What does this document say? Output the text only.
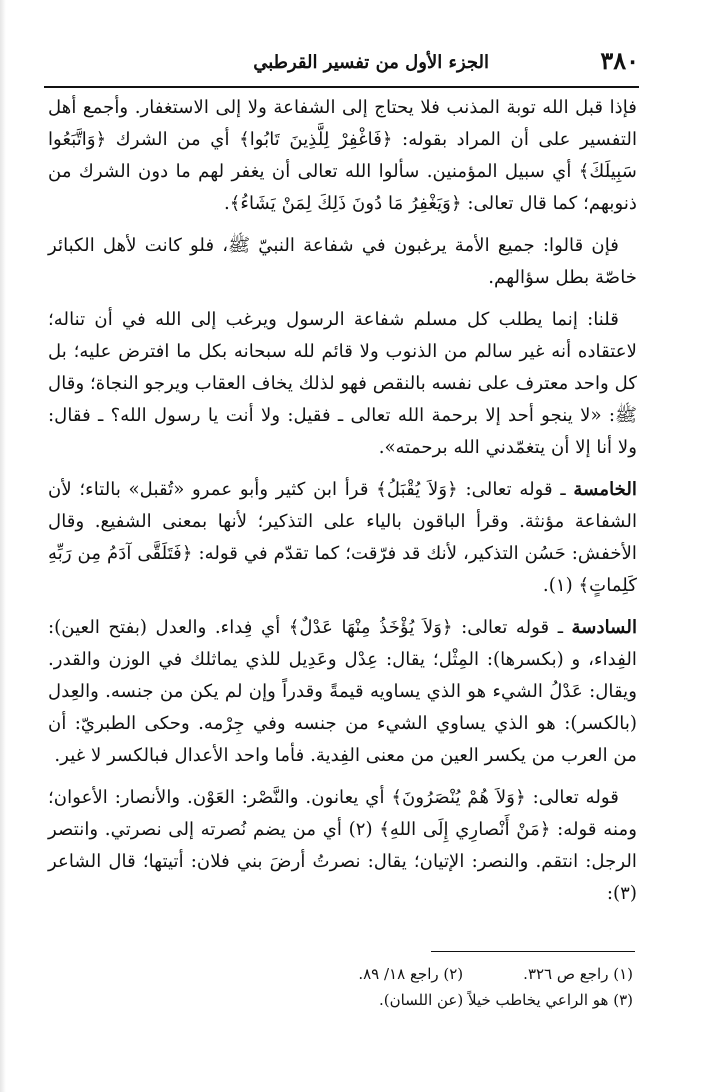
٣٨٠
الجزء الأول من تفسير القرطبي

فإذا قبل الله توبة المذنب فلا يحتاج إلى الشفاعة ولا إلى الاستغفار. وأجمع أهل التفسير على أن المراد بقوله: ﴿فَاغْفِرْ لِلَّذِينَ تَابُوا﴾ أي من الشرك ﴿وَاتَّبَعُوا سَبِيلَكَ﴾ أي سبيل المؤمنين. سألوا الله تعالى أن يغفر لهم ما دون الشرك من ذنوبهم؛ كما قال تعالى: ﴿وَيَغْفِرُ مَا دُونَ ذَلِكَ لِمَنْ يَشَاءُ﴾.

فإن قالوا: جميع الأمة يرغبون في شفاعة النبيّ ﷺ، فلو كانت لأهل الكبائر خاصّة بطل سؤالهم.

قلنا: إنما يطلب كل مسلم شفاعة الرسول ويرغب إلى الله في أن تناله؛ لاعتقاده أنه غير سالم من الذنوب ولا قائم لله سبحانه بكل ما افترض عليه؛ بل كل واحد معترف على نفسه بالنقص فهو لذلك يخاف العقاب ويرجو النجاة؛ وقال ﷺ: «لا ينجو أحد إلا برحمة الله تعالى ـ فقيل: ولا أنت يا رسول الله؟ ـ فقال: ولا أنا إلا أن يتغمّدني الله برحمته».

الخامسة ـ قوله تعالى: ﴿وَلاَ يُقْبَلُ﴾ قرأ ابن كثير وأبو عمرو «تُقبل» بالتاء؛ لأن الشفاعة مؤنثة. وقرأ الباقون بالياء على التذكير؛ لأنها بمعنى الشفيع. وقال الأخفش: حَسُن التذكير، لأنك قد فرّقت؛ كما تقدّم في قوله: ﴿فَتَلَقَّى آدَمُ مِن رَبِّهِ كَلِماتٍ﴾ (١).

السادسة ـ قوله تعالى: ﴿وَلاَ يُؤْخَذُ مِنْهَا عَدْلٌ﴾ أي فِداء. والعدل (بفتح العين): الفِداء، و (بكسرها): المِثْل؛ يقال: عِدْل وعَدِيل للذي يماثلك في الوزن والقدر. ويقال: عَدْلُ الشيء هو الذي يساويه قيمةً وقدراً وإن لم يكن من جنسه. والعِدل (بالكسر): هو الذي يساوي الشيء من جنسه وفي جِرْمه. وحكى الطبريّ: أن من العرب من يكسر العين من معنى الفِدية. فأما واحد الأعدال فبالكسر لا غير.

قوله تعالى: ﴿وَلاَ هُمْ يُنْصَرُونَ﴾ أي يعانون. والنَّصْر: العَوْن. والأنصار: الأعوان؛ ومنه قوله: ﴿مَنْ أَنْصارِي إِلَى اللهِ﴾ (٢) أي من يضم نُصرته إلى نصرتي. وانتصر الرجل: انتقم. والنصر: الإتيان؛ يقال: نصرتُ أرضَ بني فلان: أتيتها؛ قال الشاعر (٣):

(١) راجع ص ٣٢٦.(٢) راجع ١٨/ ٨٩.
(٣) هو الراعي يخاطب خيلاً (عن اللسان).
